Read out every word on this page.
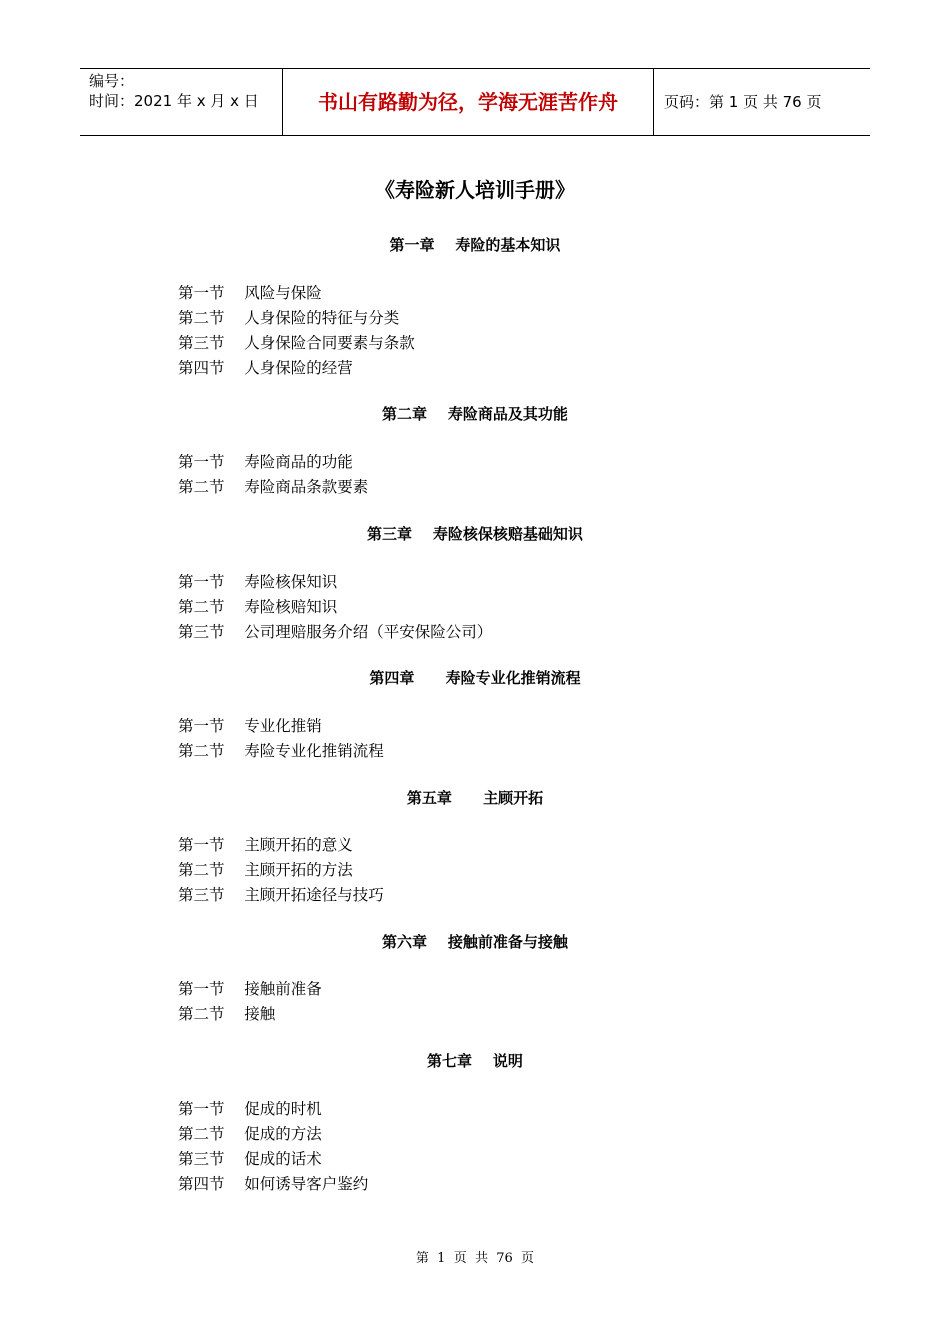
编号：
时间：2021 年 x 月 x 日	书山有路勤为径，学海无涯苦作舟	页码：第 1 页 共 76 页
《寿险新人培训手册》
第一章    寿险的基本知识
第一节    风险与保险
第二节    人身保险的特征与分类
第三节    人身保险合同要素与条款
第四节    人身保险的经营
第二章    寿险商品及其功能
第一节    寿险商品的功能
第二节    寿险商品条款要素
第三章    寿险核保核赔基础知识
第一节    寿险核保知识
第二节    寿险核赔知识
第三节    公司理赔服务介绍（平安保险公司）
第四章      寿险专业化推销流程
第一节    专业化推销
第二节    寿险专业化推销流程
第五章      主顾开拓
第一节    主顾开拓的意义
第二节    主顾开拓的方法
第三节    主顾开拓途径与技巧
第六章    接触前准备与接触
第一节    接触前准备
第二节    接触
第七章    说明
第一节    促成的时机
第二节    促成的方法
第三节    促成的话术
第四节    如何诱导客户鉴约
第  1  页  共  76  页
